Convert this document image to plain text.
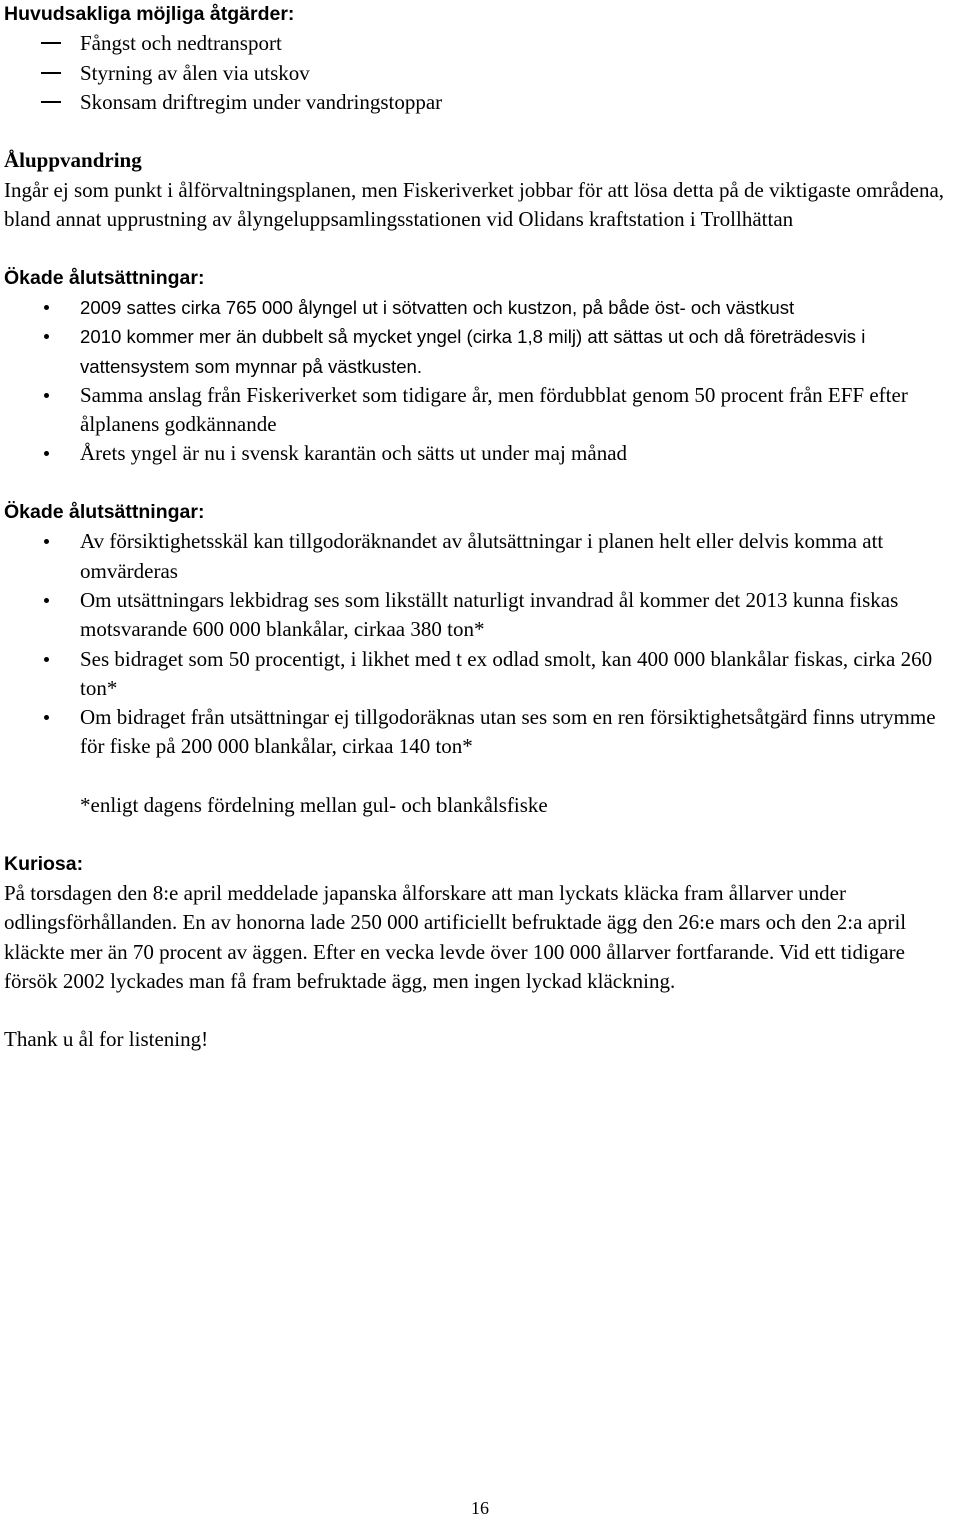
Huvudsakliga möjliga åtgärder:

Fångst och nedtransport
Styrning av ålen via utskov
Skonsam driftregim under vandringstoppar

Åluppvandring

Ingår ej som punkt i ålförvaltningsplanen, men Fiskeriverket jobbar för att lösa detta på de viktigaste områdena, bland annat upprustning av ålyngeluppsamlingsstationen vid Olidans kraftstation i Trollhättan

Ökade ålutsättningar:

2009 sattes cirka 765 000 ålyngel ut i sötvatten och kustzon, på både öst- och västkust
2010 kommer mer än dubbelt så mycket yngel (cirka 1,8 milj) att sättas ut och då företrädesvis i vattensystem som mynnar på västkusten.
Samma anslag från Fiskeriverket som tidigare år, men fördubblat genom 50 procent från EFF efter ålplanens godkännande
Årets yngel är nu i svensk karantän och sätts ut under maj månad

Ökade ålutsättningar:

Av försiktighetsskäl kan tillgodoräknandet av ålutsättningar i planen helt eller delvis komma att omvärderas
Om utsättningars lekbidrag ses som likställt naturligt invandrad ål kommer det 2013 kunna fiskas motsvarande 600 000 blankålar, cirkaa 380 ton*
Ses bidraget som 50 procentigt, i likhet med t ex odlad smolt, kan 400 000 blankålar fiskas, cirka 260 ton*
Om bidraget från utsättningar ej tillgodoräknas utan ses som en ren försiktighetsåtgärd finns utrymme för fiske på 200 000 blankålar, cirkaa 140 ton*

*enligt dagens fördelning mellan gul- och blankålsfiske

Kuriosa:

På torsdagen den 8:e april meddelade japanska ålforskare att man lyckats kläcka fram ållarver under odlingsförhållanden. En av honorna lade 250 000 artificiellt befruktade ägg den 26:e mars och den 2:a april kläckte mer än 70 procent av äggen. Efter en vecka levde över 100 000 ållarver fortfarande. Vid ett tidigare försök 2002 lyckades man få fram befruktade ägg, men ingen lyckad kläckning.

Thank u ål for listening!

16
